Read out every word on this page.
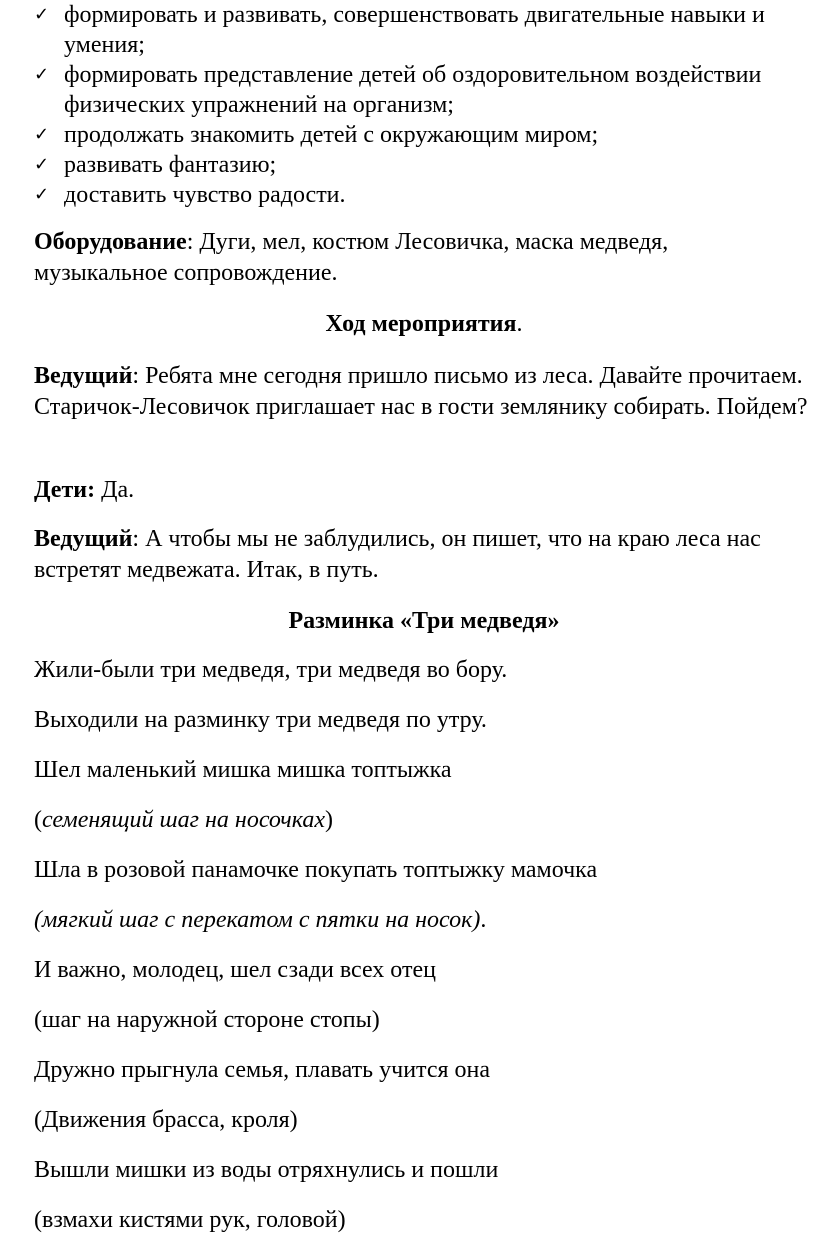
✓ формировать и развивать, совершенствовать двигательные навыки и умения;
✓ формировать представление детей об оздоровительном воздействии физических упражнений на организм;
✓ продолжать знакомить детей с окружающим миром;
✓ развивать фантазию;
✓ доставить чувство радости.

Оборудование: Дуги, мел, костюм Лесовичка, маска медведя, музыкальное сопровождение.

Ход мероприятия.

Ведущий: Ребята мне сегодня пришло письмо из леса. Давайте прочитаем. Старичок-Лесовичок приглашает нас в гости землянику собирать. Пойдем?

Дети: Да.

Ведущий: А чтобы мы не заблудились, он пишет, что на краю леса нас встретят медвежата. Итак, в путь.

Разминка «Три медведя»

Жили-были три медведя, три медведя во бору.

Выходили на разминку три медведя по утру.

Шел маленький мишка мишка топтыжка

(семенящий шаг на носочках)

Шла в розовой панамочке покупать топтыжку мамочка

(мягкий шаг с перекатом с пятки на носок).

И важно, молодец, шел сзади всех отец

(шаг на наружной стороне стопы)

Дружно прыгнула семья, плавать учится она

(Движения брасса, кроля)

Вышли мишки из воды отряхнулись и пошли

(взмахи кистями рук, головой)
